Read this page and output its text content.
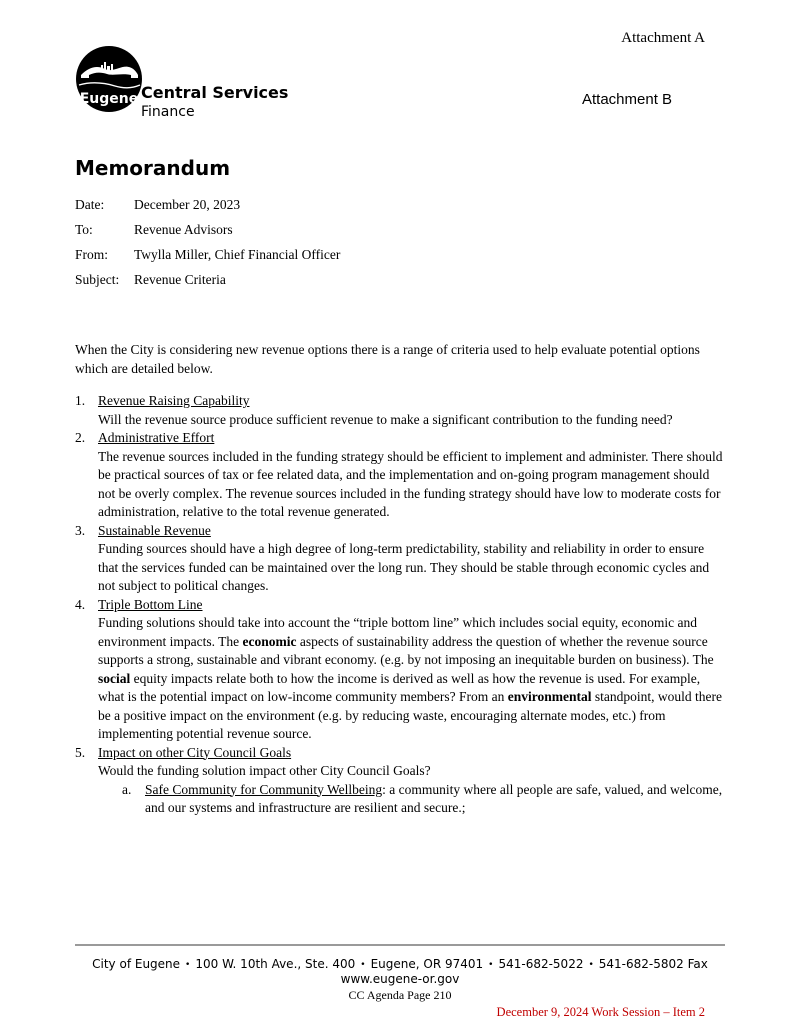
Attachment A
Attachment B
Eugene Central Services
Finance
Memorandum
Date: December 20, 2023
To:	Revenue Advisors
From: Twylla Miller, Chief Financial Officer
Subject: Revenue Criteria

When the City is considering new revenue options there is a range of criteria used to help evaluate potential options which are detailed below.

1. Revenue Raising Capability

Will the revenue source produce sufficient revenue to make a significant contribution to the funding need?

2. Administrative Effort

The revenue sources included in the funding strategy should be efficient to implement and administer. There should be practical sources of tax or fee related data, and the implementation and on-going program management should not be overly complex. The revenue sources included in the funding strategy should have low to moderate costs for administration, relative to the total revenue generated.

3. Sustainable Revenue

Funding sources should have a high degree of long-term predictability, stability and reliability in order to ensure that the services funded can be maintained over the long run. They should be stable through economic cycles and not subject to political changes.

4. Triple Bottom Line

Funding solutions should take into account the “triple bottom line” which includes social equity, economic and environment impacts. The economic aspects of sustainability address the question of whether the revenue source supports a strong, sustainable and vibrant economy. (e.g. by not imposing an inequitable burden on business). The social equity impacts relate both to how the income is derived as well as how the revenue is used. For example, what is the potential impact on low-income community members? From an environmental standpoint, would there be a positive impact on the environment (e.g. by reducing waste, encouraging alternate modes, etc.) from implementing potential revenue source.

5. Impact on other City Council Goals

Would the funding solution impact other City Council Goals?

a. Safe Community for Community Wellbeing: a community where all people are safe, valued, and welcome, and our systems and infrastructure are resilient and secure.;
City of Eugene • 100 W. 10th Ave., Ste. 400 • Eugene, OR 97401 • 541-682-5022 • 541-682-5802 Fax
www.eugene-or.gov
CC Agenda Page 210
December 9, 2024 Work Session – Item 2
